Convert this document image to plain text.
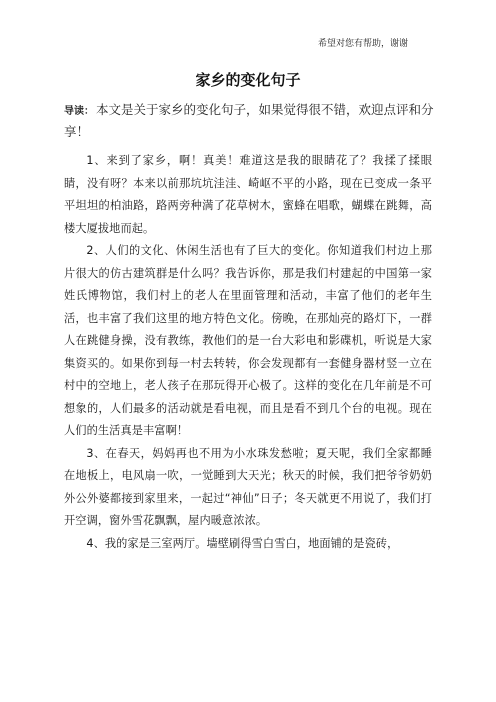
希望对您有帮助，谢谢
家乡的变化句子
导读： 本文是关于家乡的变化句子，如果觉得很不错，欢迎点评和分享！

1、来到了家乡，啊！真美！难道这是我的眼睛花了？我揉了揉眼睛，没有呀？本来以前那坑坑洼洼、崎岖不平的小路，现在已变成一条平平坦坦的柏油路，路两旁种满了花草树木，蜜蜂在唱歌，蝴蝶在跳舞，高楼大厦拔地而起。

2、人们的文化、休闲生活也有了巨大的变化。你知道我们村边上那片很大的仿古建筑群是什么吗？我告诉你，那是我们村建起的中国第一家姓氏博物馆，我们村上的老人在里面管理和活动，丰富了他们的老年生活，也丰富了我们这里的地方特色文化。傍晚，在那灿亮的路灯下，一群人在跳健身操，没有教练，教他们的是一台大彩电和影碟机，听说是大家集资买的。如果你到每一村去转转，你会发现都有一套健身器材竖一立在村中的空地上，老人孩子在那玩得开心极了。这样的变化在几年前是不可想象的，人们最多的活动就是看电视，而且是看不到几个台的电视。现在人们的生活真是丰富啊！

3、在春天，妈妈再也不用为小水珠发愁啦；夏天呢，我们全家都睡在地板上，电风扇一吹，一觉睡到大天光；秋天的时候，我们把爷爷奶奶外公外婆都接到家里来，一起过“神仙”日子；冬天就更不用说了，我们打开空调，窗外雪花飘飘，屋内暖意浓浓。

4、我的家是三室两厅。墙壁刷得雪白雪白，地面铺的是瓷砖，
